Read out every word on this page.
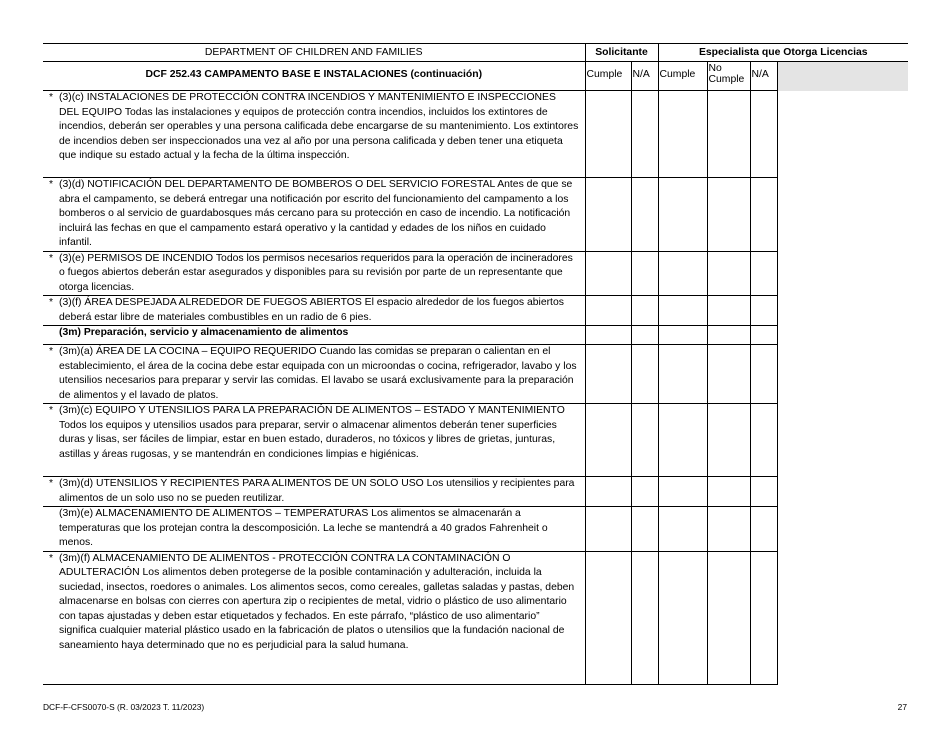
DEPARTMENT OF CHILDREN AND FAMILIES	Solicitante		Especialista que Otorga Licencias			
DCF 252.43 CAMPAMENTO BASE E INSTALACIONES (continuación)	Cumple	N/A	Cumple	No Cumple	N/A	

* (3)(c) INSTALACIONES DE PROTECCIÓN CONTRA INCENDIOS Y MANTENIMIENTO E INSPECCIONES DEL EQUIPO Todas las instalaciones y equipos de protección contra incendios, incluidos los extintores de incendios, deberán ser operables y una persona calificada debe encargarse de su mantenimiento. Los extintores de incendios deben ser inspeccionados una vez al año por una persona calificada y deben tener una etiqueta que indique su estado actual y la fecha de la última inspección.						

* (3)(d) NOTIFICACIÓN DEL DEPARTAMENTO DE BOMBEROS O DEL SERVICIO FORESTAL Antes de que se abra el campamento, se deberá entregar una notificación por escrito del funcionamiento del campamento a los bomberos o al servicio de guardabosques más cercano para su protección en caso de incendio. La notificación incluirá las fechas en que el campamento estará operativo y la cantidad y edades de los niños en cuidado infantil.						

* (3)(e) PERMISOS DE INCENDIO Todos los permisos necesarios requeridos para la operación de incineradores o fuegos abiertos deberán estar asegurados y disponibles para su revisión por parte de un representante que otorga licencias.						

* (3)(f) ÁREA DESPEJADA ALREDEDOR DE FUEGOS ABIERTOS El espacio alrededor de los fuegos abiertos deberá estar libre de materiales combustibles en un radio de 6 pies.						

(3m) Preparación, servicio y almacenamiento de alimentos						

* (3m)(a) ÁREA DE LA COCINA – EQUIPO REQUERIDO Cuando las comidas se preparan o calientan en el establecimiento, el área de la cocina debe estar equipada con un microondas o cocina, refrigerador, lavabo y los utensilios necesarios para preparar y servir las comidas. El lavabo se usará exclusivamente para la preparación de alimentos y el lavado de platos.						

* (3m)(c) EQUIPO Y UTENSILIOS PARA LA PREPARACIÓN DE ALIMENTOS – ESTADO Y MANTENIMIENTO Todos los equipos y utensilios usados para preparar, servir o almacenar alimentos deberán tener superficies duras y lisas, ser fáciles de limpiar, estar en buen estado, duraderos, no tóxicos y libres de grietas, junturas, astillas y áreas rugosas, y se mantendrán en condiciones limpias e higiénicas.						

* (3m)(d) UTENSILIOS Y RECIPIENTES PARA ALIMENTOS DE UN SOLO USO Los utensilios y recipientes para alimentos de un solo uso no se pueden reutilizar.						

(3m)(e) ALMACENAMIENTO DE ALIMENTOS – TEMPERATURAS Los alimentos se almacenarán a temperaturas que los protejan contra la descomposición. La leche se mantendrá a 40 grados Fahrenheit o menos.						

* (3m)(f) ALMACENAMIENTO DE ALIMENTOS - PROTECCIÓN CONTRA LA CONTAMINACIÓN O ADULTERACIÓN Los alimentos deben protegerse de la posible contaminación y adulteración, incluida la suciedad, insectos, roedores o animales. Los alimentos secos, como cereales, galletas saladas y pastas, deben almacenarse en bolsas con cierres con apertura zip o recipientes de metal, vidrio o plástico de uso alimentario con tapas ajustadas y deben estar etiquetados y fechados. En este párrafo, “plástico de uso alimentario” significa cualquier material plástico usado en la fabricación de platos o utensilios que la fundación nacional de saneamiento haya determinado que no es perjudicial para la salud humana.						

DCF-F-CFS0070-S (R. 03/2023 T. 11/2023)	27
